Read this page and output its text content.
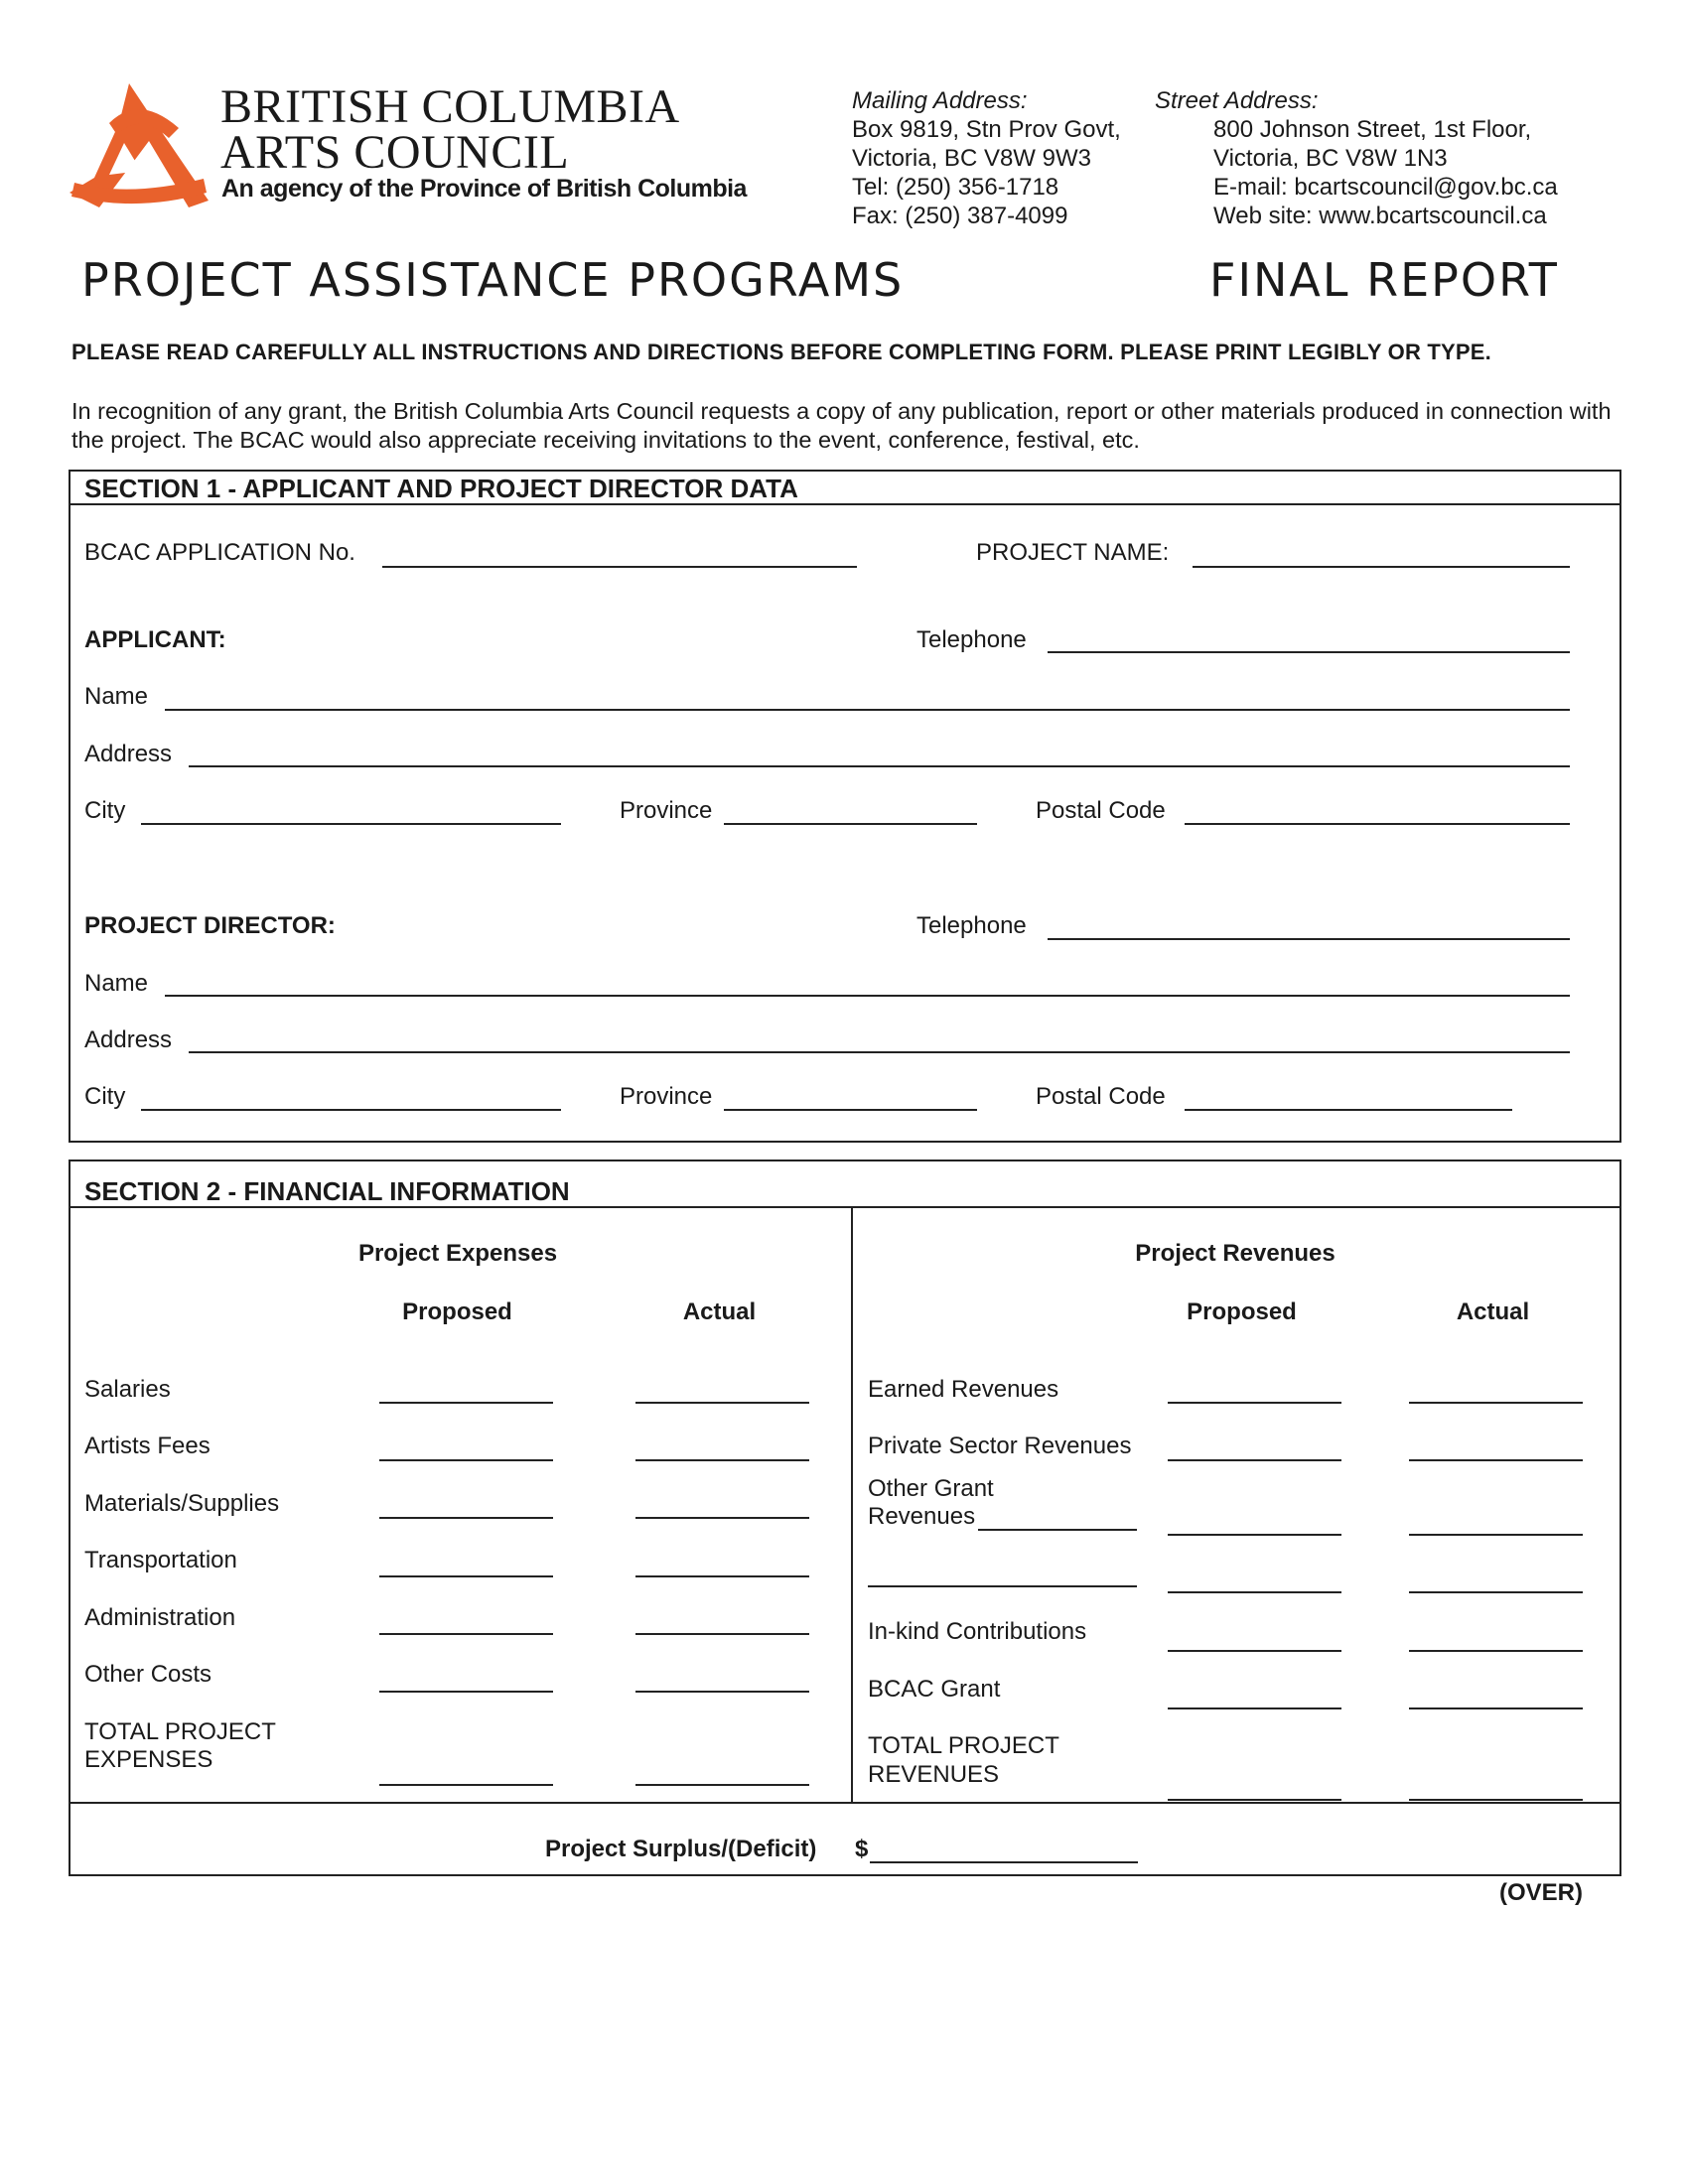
BRITISH COLUMBIA
ARTS COUNCIL
An agency of the Province of British Columbia
Mailing Address:
Box 9819, Stn Prov Govt,
Victoria, BC V8W 9W3
Tel: (250) 356-1718
Fax: (250) 387-4099
Street Address:
800 Johnson Street, 1st Floor,
Victoria, BC V8W 1N3
E-mail: bcartscouncil@gov.bc.ca
Web site: www.bcartscouncil.ca
PROJECT ASSISTANCE PROGRAMS	FINAL REPORT
PLEASE READ CAREFULLY ALL INSTRUCTIONS AND DIRECTIONS BEFORE COMPLETING FORM. PLEASE PRINT LEGIBLY OR TYPE.
In recognition of any grant, the British Columbia Arts Council requests a copy of any publication, report or other materials produced in connection with the project. The BCAC would also appreciate receiving invitations to the event, conference, festival, etc.
SECTION 1 - APPLICANT AND PROJECT DIRECTOR DATA
BCAC APPLICATION No.	PROJECT NAME:
APPLICANT:	Telephone
Name
Address
City	Province	Postal Code
PROJECT DIRECTOR:	Telephone
Name
Address
City	Province	Postal Code
SECTION 2 - FINANCIAL INFORMATION
Project Expenses
Proposed	Actual
Salaries
Artists Fees
Materials/Supplies
Transportation
Administration
Other Costs
TOTAL PROJECT
EXPENSES
Project Revenues
Proposed	Actual
Earned Revenues
Private Sector Revenues
Other Grant
Revenues
In-kind Contributions
BCAC Grant
TOTAL PROJECT
REVENUES
Project Surplus/(Deficit) $
(OVER)
